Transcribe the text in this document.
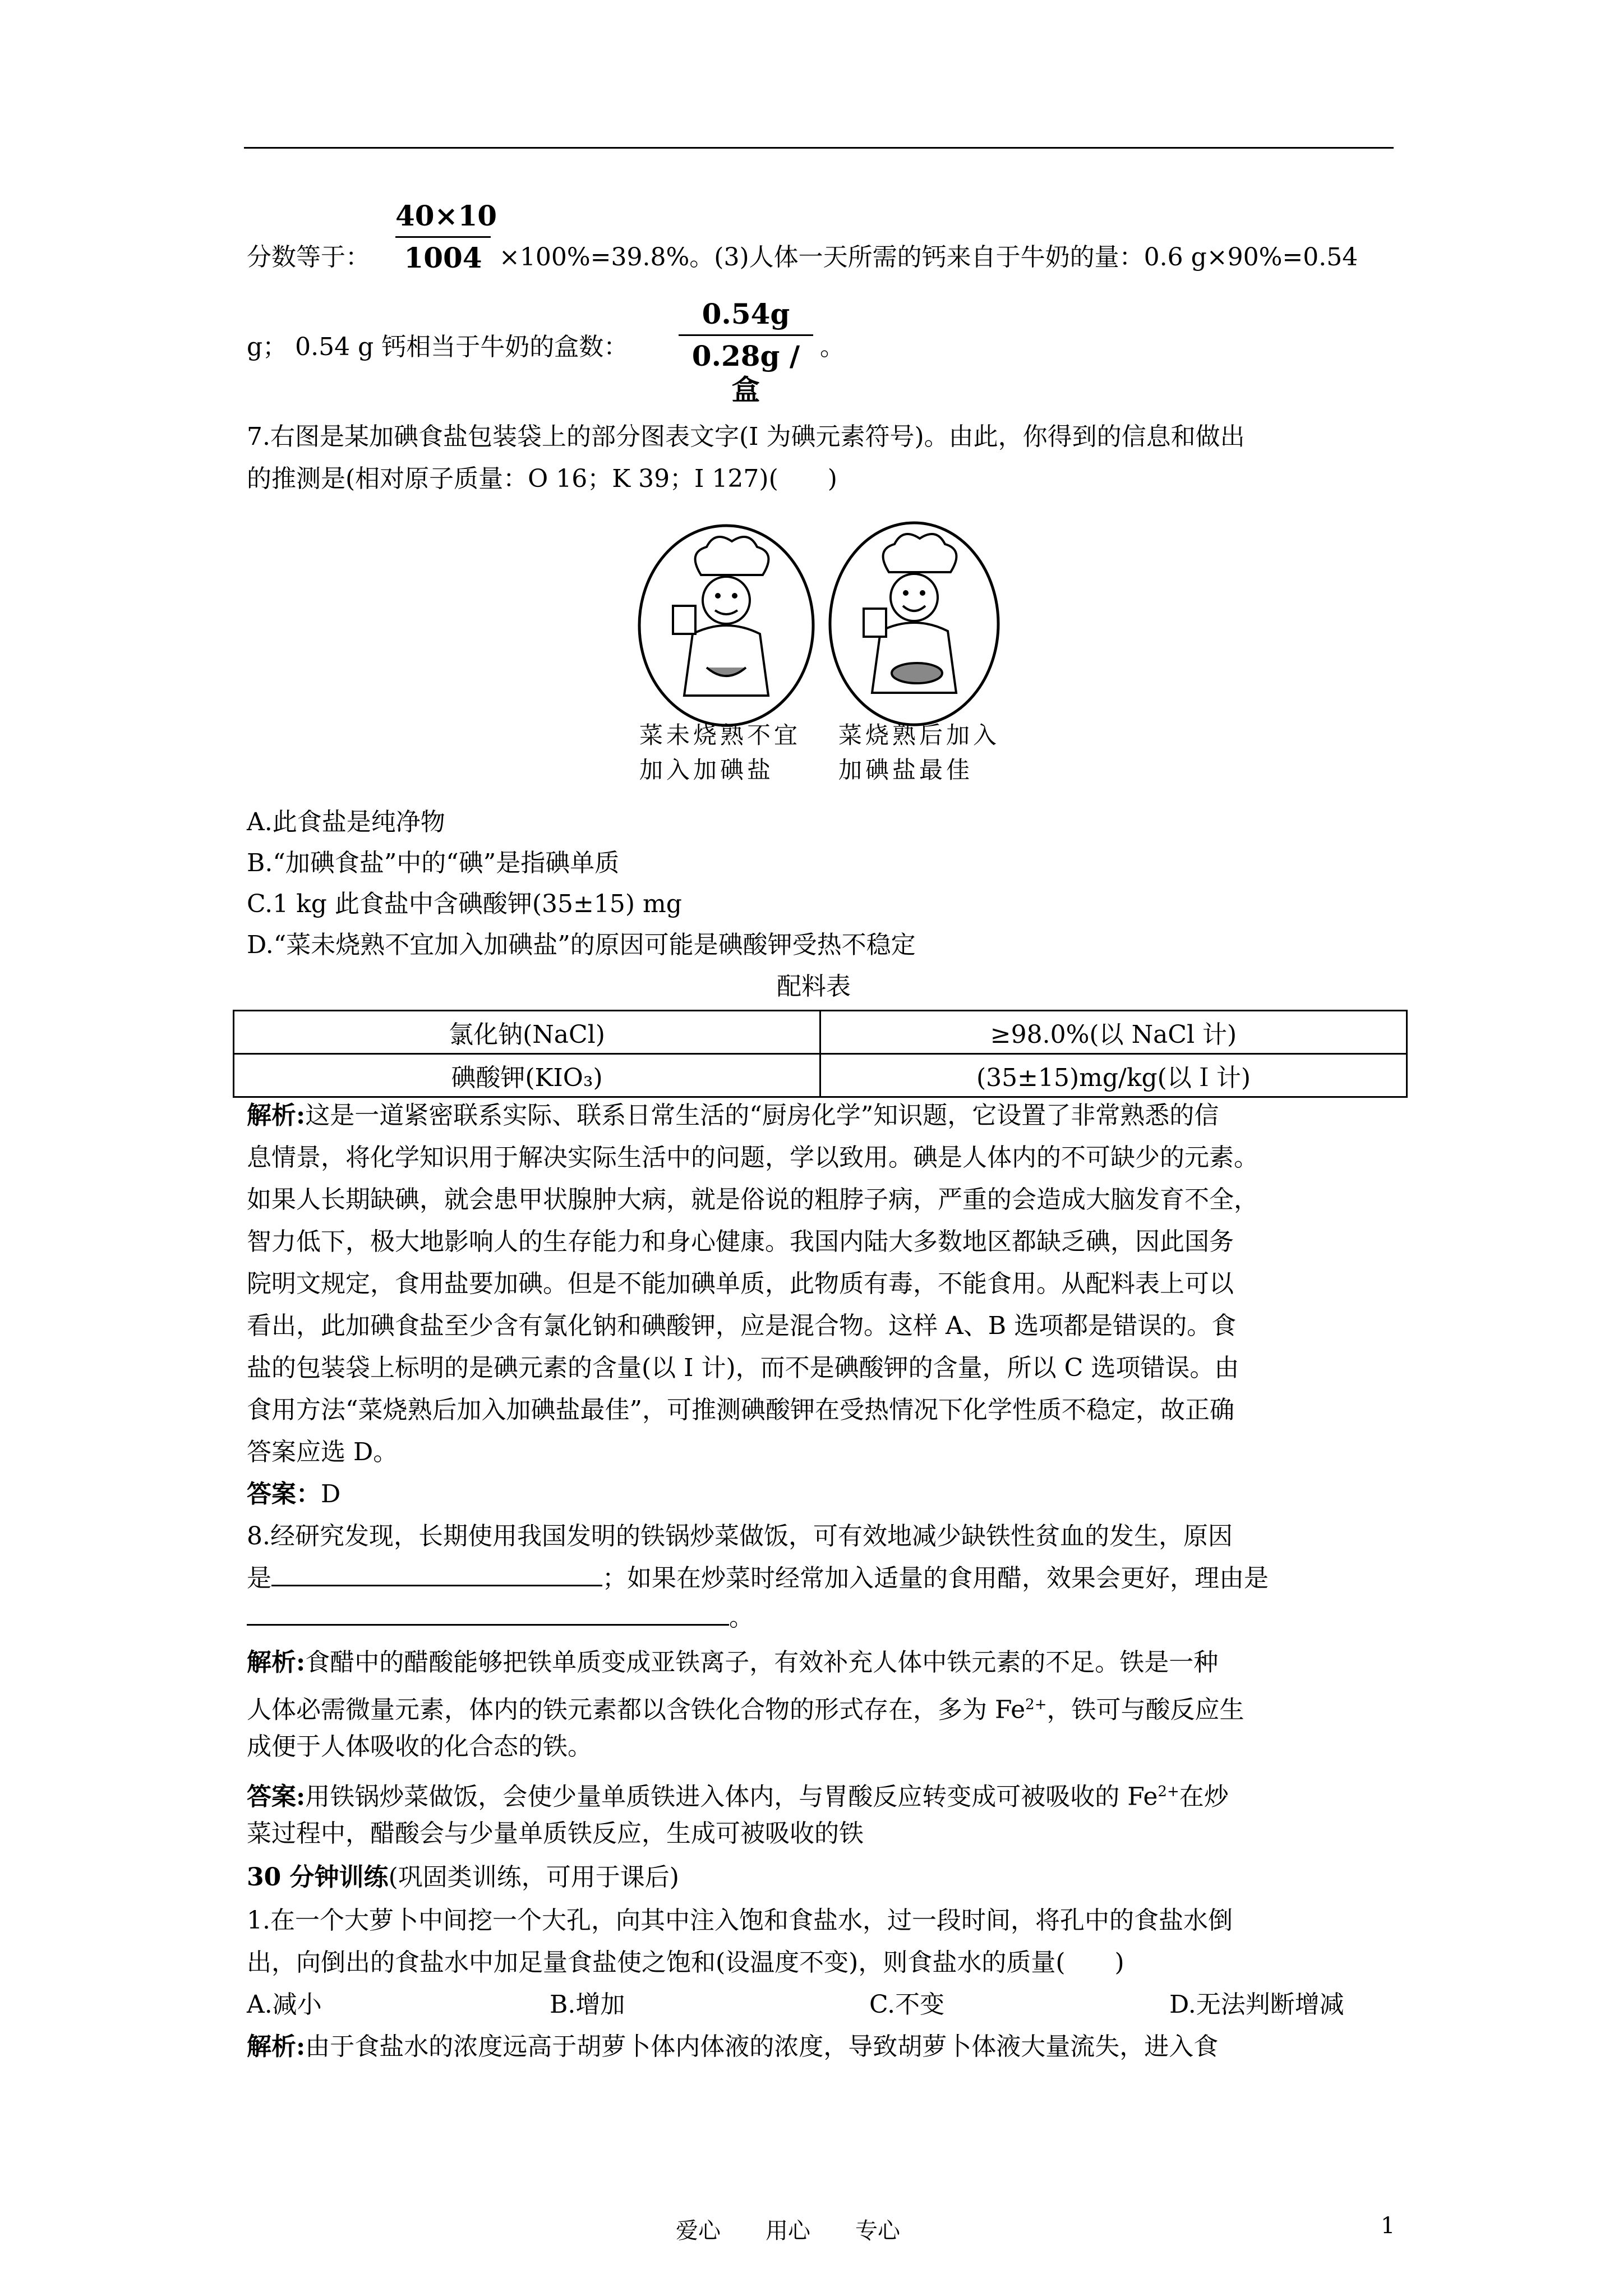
分数等于：
40×10
1004 ×100%=39.8%。(3)人体一天所需的钙来自于牛奶的量：0.6 g×90%=0.54
g； 0.54 g 钙相当于牛奶的盒数：
0.54g
0.28g / 盒
。
7.右图是某加碘食盐包装袋上的部分图表文字(I 为碘元素符号)。由此，你得到的信息和做出
的推测是(相对原子质量：O 16；K 39；I 127)(　　)
菜未烧熟不宜
加入加碘盐
菜烧熟后加入
加碘盐最佳
A.此食盐是纯净物
B.“加碘食盐”中的“碘”是指碘单质
C.1 kg 此食盐中含碘酸钾(35±15) mg
D.“菜未烧熟不宜加入加碘盐”的原因可能是碘酸钾受热不稳定
配料表
氯化钠(NaCl)	≥98.0%(以 NaCl 计)
碘酸钾(KIO₃)	(35±15)mg/kg(以Ｉ计)
解析:这是一道紧密联系实际、联系日常生活的“厨房化学”知识题，它设置了非常熟悉的信
息情景，将化学知识用于解决实际生活中的问题，学以致用。碘是人体内的不可缺少的元素。
如果人长期缺碘，就会患甲状腺肿大病，就是俗说的粗脖子病，严重的会造成大脑发育不全，
智力低下，极大地影响人的生存能力和身心健康。我国内陆大多数地区都缺乏碘，因此国务
院明文规定，食用盐要加碘。但是不能加碘单质，此物质有毒，不能食用。从配料表上可以
看出，此加碘食盐至少含有氯化钠和碘酸钾，应是混合物。这样 A、B 选项都是错误的。食
盐的包装袋上标明的是碘元素的含量(以 I 计)，而不是碘酸钾的含量，所以 C 选项错误。由
食用方法“菜烧熟后加入加碘盐最佳”，可推测碘酸钾在受热情况下化学性质不稳定，故正确
答案应选 D。
答案：D
8.经研究发现，长期使用我国发明的铁锅炒菜做饭，可有效地减少缺铁性贫血的发生，原因
是	；如果在炒菜时经常加入适量的食用醋，效果会更好，理由是
。
解析:食醋中的醋酸能够把铁单质变成亚铁离子，有效补充人体中铁元素的不足。铁是一种
人体必需微量元素，体内的铁元素都以含铁化合物的形式存在，多为 $Fe^{2+}$，铁可与酸反应生
成便于人体吸收的化合态的铁。
答案:用铁锅炒菜做饭，会使少量单质铁进入体内，与胃酸反应转变成可被吸收的 $Fe^{2+}$在炒
菜过程中，醋酸会与少量单质铁反应，生成可被吸收的铁
30 分钟训练(巩固类训练，可用于课后)
1.在一个大萝卜中间挖一个大孔，向其中注入饱和食盐水，过一段时间，将孔中的食盐水倒
出，向倒出的食盐水中加足量食盐使之饱和(设温度不变)，则食盐水的质量(　　)
A.减小	B.增加	C.不变	D.无法判断增减
解析:由于食盐水的浓度远高于胡萝卜体内体液的浓度，导致胡萝卜体液大量流失，进入食
爱心　　用心　　专心	1
